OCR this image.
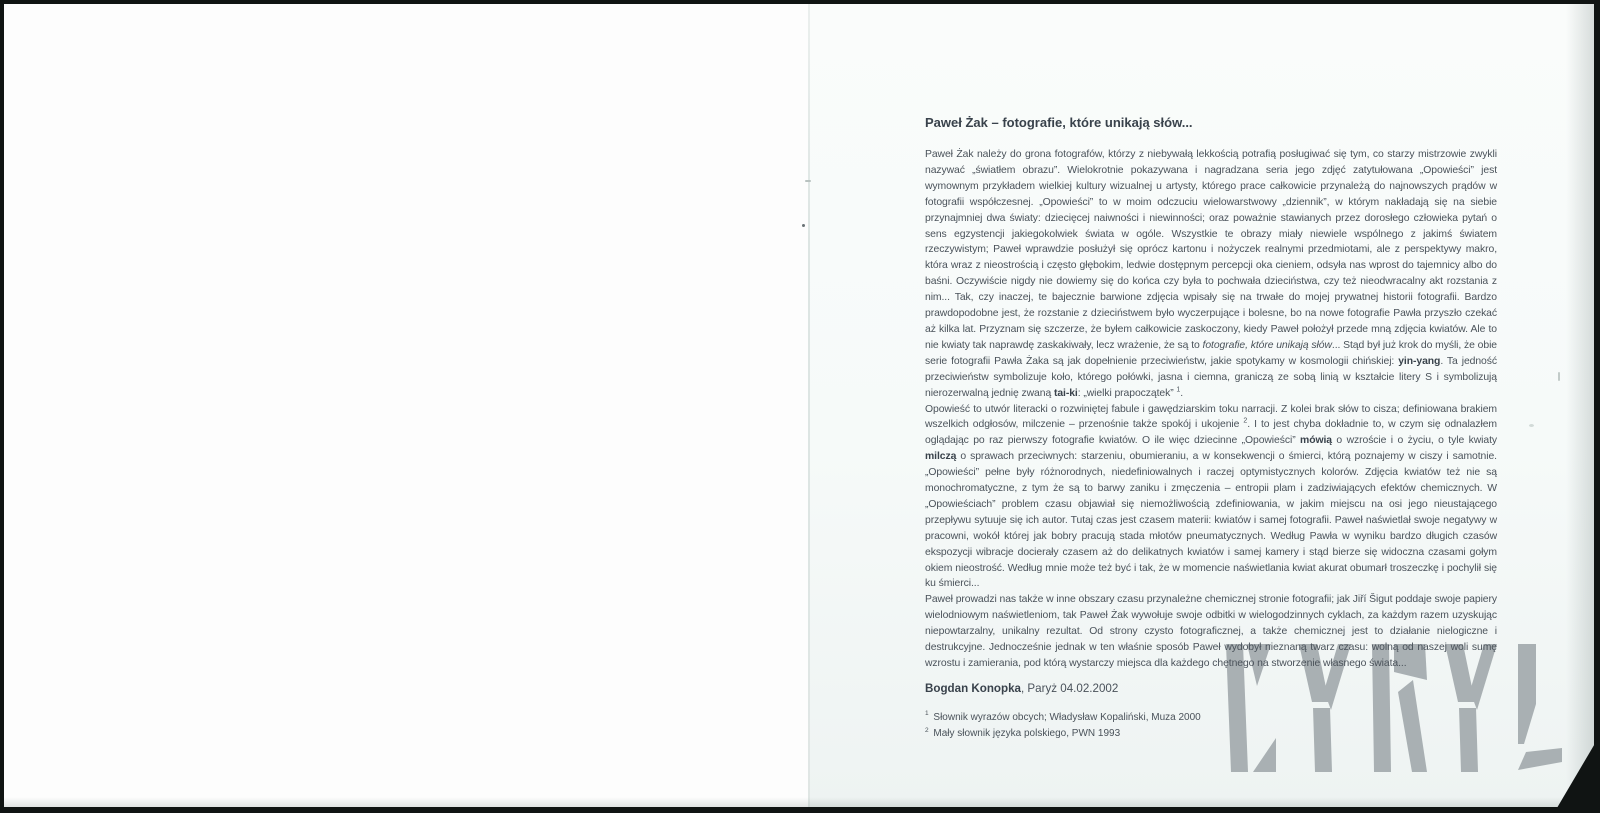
Paweł Żak – fotografie, które unikają słów...

Paweł Żak należy do grona fotografów, którzy z niebywałą lekkością potrafią posługiwać się tym, co starzy mistrzowie zwykli nazywać „światłem obrazu”. Wielokrotnie pokazywana i nagradzana seria jego zdjęć zatytułowana „Opowieści” jest wymownym przykładem wielkiej kultury wizualnej u artysty, którego prace całkowicie przynależą do najnowszych prądów w fotografii współczesnej. „Opowieści” to w moim odczuciu wielowarstwowy „dziennik”, w którym nakładają się na siebie przynajmniej dwa światy: dziecięcej naiwności i niewinności; oraz poważnie stawianych przez dorosłego człowieka pytań o sens egzystencji jakiegokolwiek świata w ogóle. Wszystkie te obrazy miały niewiele wspólnego z jakimś światem rzeczywistym; Paweł wprawdzie posłużył się oprócz kartonu i nożyczek realnymi przedmiotami, ale z perspektywy makro, która wraz z nieostrością i często głębokim, ledwie dostępnym percepcji oka cieniem, odsyła nas wprost do tajemnicy albo do baśni. Oczywiście nigdy nie dowiemy się do końca czy była to pochwała dzieciństwa, czy też nieodwracalny akt rozstania z nim... Tak, czy inaczej, te bajecznie barwione zdjęcia wpisały się na trwałe do mojej prywatnej historii fotografii. Bardzo prawdopodobne jest, że rozstanie z dzieciństwem było wyczerpujące i bolesne, bo na nowe fotografie Pawła przyszło czekać aż kilka lat. Przyznam się szczerze, że byłem całkowicie zaskoczony, kiedy Paweł położył przede mną zdjęcia kwiatów. Ale to nie kwiaty tak naprawdę zaskakiwały, lecz wrażenie, że są to fotografie, które unikają słów... Stąd był już krok do myśli, że obie serie fotografii Pawła Żaka są jak dopełnienie przeciwieństw, jakie spotykamy w kosmologii chińskiej: yin-yang. Ta jedność przeciwieństw symbolizuje koło, którego połówki, jasna i ciemna, graniczą ze sobą linią w kształcie litery S i symbolizują nierozerwalną jednię zwaną tai-ki: „wielki prapoczątek” $^1$.

Opowieść to utwór literacki o rozwiniętej fabule i gawędziarskim toku narracji. Z kolei brak słów to cisza; definiowana brakiem wszelkich odgłosów, milczenie – przenośnie także spokój i ukojenie $^2$. I to jest chyba dokładnie to, w czym się odnalazłem oglądając po raz pierwszy fotografie kwiatów. O ile więc dziecinne „Opowieści” mówią o wzroście i o życiu, o tyle kwiaty milczą o sprawach przeciwnych: starzeniu, obumieraniu, a w konsekwencji o śmierci, którą poznajemy w ciszy i samotnie. „Opowieści” pełne były różnorodnych, niedefiniowalnych i raczej optymistycznych kolorów. Zdjęcia kwiatów też nie są monochromatyczne, z tym że są to barwy zaniku i zmęczenia – entropii plam i zadziwiających efektów chemicznych. W „Opowieściach” problem czasu objawiał się niemożliwością zdefiniowania, w jakim miejscu na osi jego nieustającego przepływu sytuuje się ich autor. Tutaj czas jest czasem materii: kwiatów i samej fotografii. Paweł naświetlał swoje negatywy w pracowni, wokół której jak bobry pracują stada młotów pneumatycznych. Według Pawła w wyniku bardzo długich czasów ekspozycji wibracje docierały czasem aż do delikatnych kwiatów i samej kamery i stąd bierze się widoczna czasami gołym okiem nieostrość. Według mnie może też być i tak, że w momencie naświetlania kwiat akurat obumarł troszeczkę i pochylił się ku śmierci...

Paweł prowadzi nas także w inne obszary czasu przynależne chemicznej stronie fotografii; jak Jiří Šigut poddaje swoje papiery wielodniowym naświetleniom, tak Paweł Żak wywołuje swoje odbitki w wielogodzinnych cyklach, za każdym razem uzyskując niepowtarzalny, unikalny rezultat. Od strony czysto fotograficznej, a także chemicznej jest to działanie nielogiczne i destrukcyjne. Jednocześnie jednak w ten właśnie sposób Paweł wydobył nieznaną twarz czasu: wolną od naszej woli sumę wzrostu i zamierania, pod którą wystarczy miejsca dla każdego chętnego na stworzenie własnego świata...

Bogdan Konopka, Paryż 04.02.2002
$^1$ Słownik wyrazów obcych; Władysław Kopaliński, Muza 2000
$^2$ Mały słownik języka polskiego, PWN 1993
